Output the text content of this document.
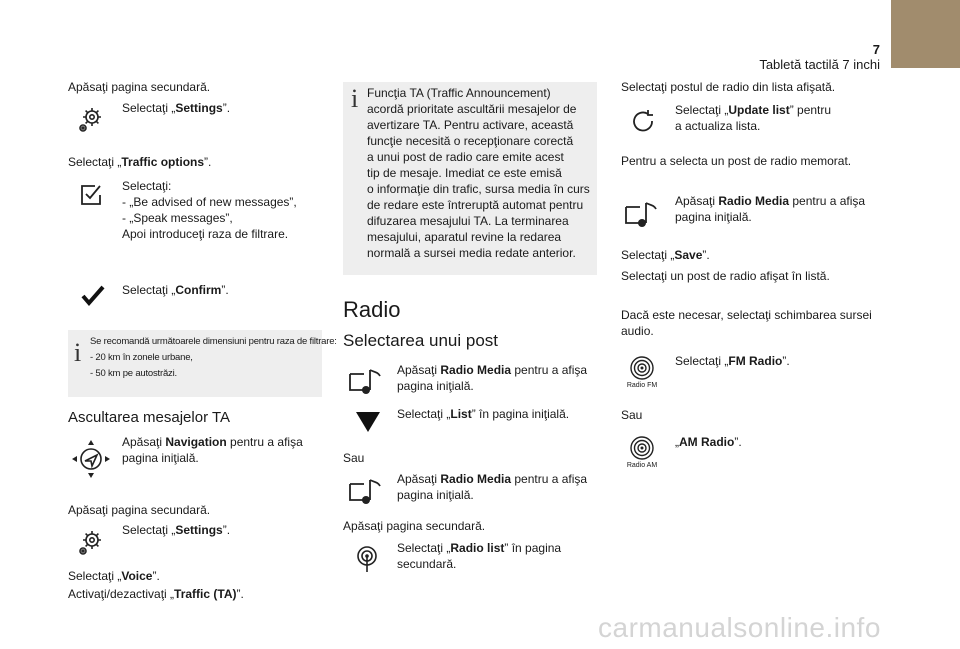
7
Tabletă tactilă 7 inchi
Apăsaţi pagina secundară.
Selectaţi „Settings”.
Selectaţi „Traffic options”.
Selectaţi:
- „Be advised of new messages”,
- „Speak messages”,
Apoi introduceţi raza de filtrare.
Selectaţi „Confirm”.
i Se recomandă următoarele dimensiuni pentru raza de filtrare:
- 20 km în zonele urbane,
- 50 km pe autostrăzi.
Ascultarea mesajelor TA
Apăsaţi Navigation pentru a afişa
pagina iniţială.
Apăsaţi pagina secundară.
Selectaţi „Settings”.
Selectaţi „Voice”.
Activaţi/dezactivaţi „Traffic (TA)”.
i Funcţia TA (Traffic Announcement)
acordă prioritate ascultării mesajelor de
avertizare TA. Pentru activare, această
funcţie necesită o recepţionare corectă
a unui post de radio care emite acest
tip de mesaje. Imediat ce este emisă
o informaţie din trafic, sursa media în curs
de redare este întreruptă automat pentru
difuzarea mesajului TA. La terminarea
mesajului, aparatul revine la redarea
normală a sursei media redate anterior.
Radio
Selectarea unui post
Apăsaţi Radio Media pentru a afişa
pagina iniţială.
Selectaţi „List” în pagina iniţială.
Sau
Apăsaţi Radio Media pentru a afişa
pagina iniţială.
Apăsaţi pagina secundară.
Selectaţi „Radio list” în pagina
secundară.
Selectaţi postul de radio din lista afişată.
Selectaţi „Update list” pentru
a actualiza lista.
Pentru a selecta un post de radio memorat.
Apăsaţi Radio Media pentru a afişa
pagina iniţială.
Selectaţi „Save”.
Selectaţi un post de radio afişat în listă.
Dacă este necesar, selectaţi schimbarea sursei
audio.
Radio FM
Selectaţi „FM Radio”.
Sau
Radio AM
„AM Radio”.
carmanualsonline.info
